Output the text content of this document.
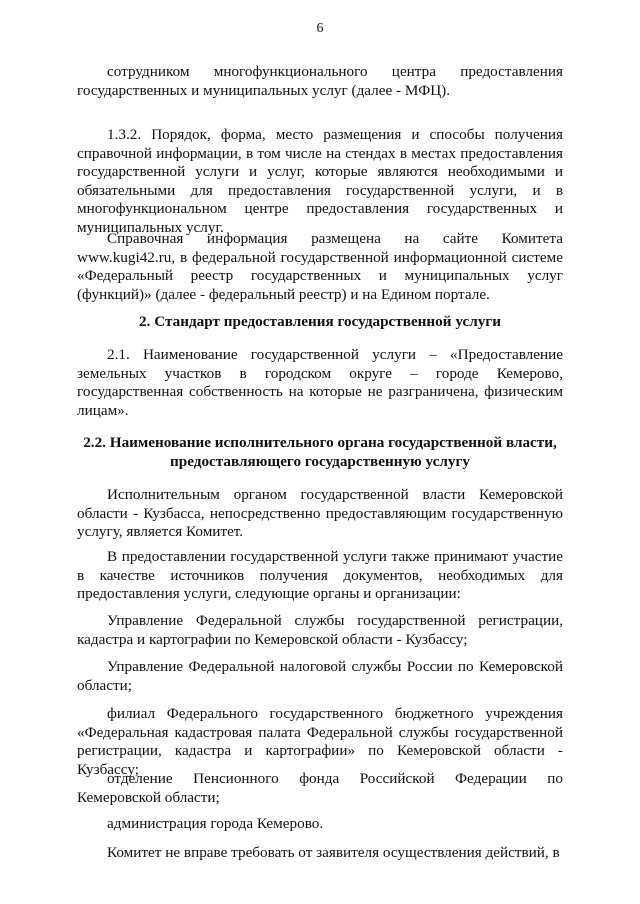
6

сотрудником многофункционального центра предоставления государственных и муниципальных услуг (далее - МФЦ).

1.3.2. Порядок, форма, место размещения и способы получения справочной информации, в том числе на стендах в местах предоставления государственной услуги и услуг, которые являются необходимыми и обязательными для предоставления государственной услуги, и в многофункциональном центре предоставления государственных и муниципальных услуг.

Справочная информация размещена на сайте Комитета www.kugi42.ru, в федеральной государственной информационной системе «Федеральный реестр государственных и муниципальных услуг (функций)» (далее - федеральный реестр) и на Едином портале.

2. Стандарт предоставления государственной услуги

2.1. Наименование государственной услуги – «Предоставление земельных участков в городском округе – городе Кемерово, государственная собственность на которые не разграничена, физическим лицам».

2.2. Наименование исполнительного органа государственной власти, предоставляющего государственную услугу

Исполнительным органом государственной власти Кемеровской области - Кузбасса, непосредственно предоставляющим государственную услугу, является Комитет.

В предоставлении государственной услуги также принимают участие в качестве источников получения документов, необходимых для предоставления услуги, следующие органы и организации:

Управление Федеральной службы государственной регистрации, кадастра и картографии по Кемеровской области - Кузбассу;

Управление Федеральной налоговой службы России по Кемеровской области;

филиал Федерального государственного бюджетного учреждения «Федеральная кадастровая палата Федеральной службы государственной регистрации, кадастра и картографии» по Кемеровской области - Кузбассу;

отделение Пенсионного фонда Российской Федерации по Кемеровской области;

администрация города Кемерово.

Комитет не вправе требовать от заявителя осуществления действий, в
